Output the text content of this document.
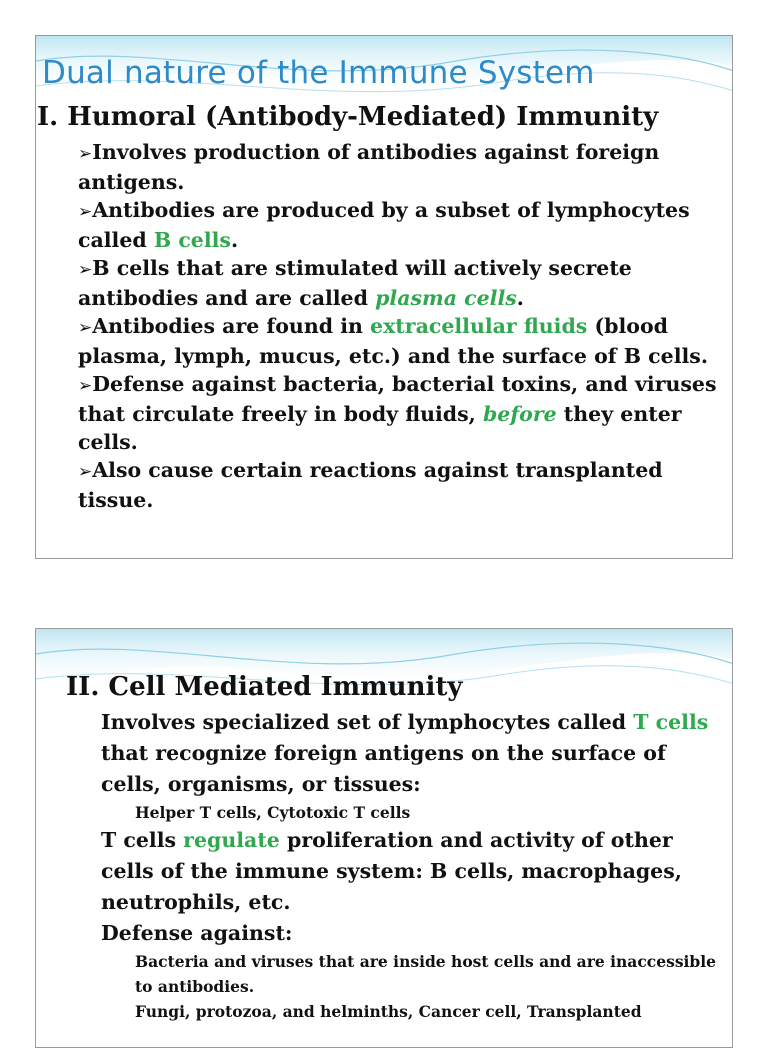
Dual nature of the Immune System
I. Humoral (Antibody-Mediated) Immunity

➢Involves production of antibodies against foreign antigens.

➢Antibodies are produced by a subset of lymphocytes called B cells.

➢B cells that are stimulated will actively secrete antibodies and are called plasma cells.

➢Antibodies are found in extracellular fluids (blood plasma, lymph, mucus, etc.) and the surface of B cells.

➢Defense against bacteria, bacterial toxins, and viruses that circulate freely in body fluids, before they enter cells.

➢Also cause certain reactions against transplanted tissue.

II. Cell Mediated Immunity

Involves specialized set of lymphocytes called T cells that recognize foreign antigens on the surface of cells, organisms, or tissues:

Helper T cells, Cytotoxic T cells

T cells regulate proliferation and activity of other cells of the immune system: B cells, macrophages, neutrophils, etc.

Defense against:

Bacteria and viruses that are inside host cells and are inaccessible to antibodies.

Fungi, protozoa, and helminths, Cancer cell, Transplanted
